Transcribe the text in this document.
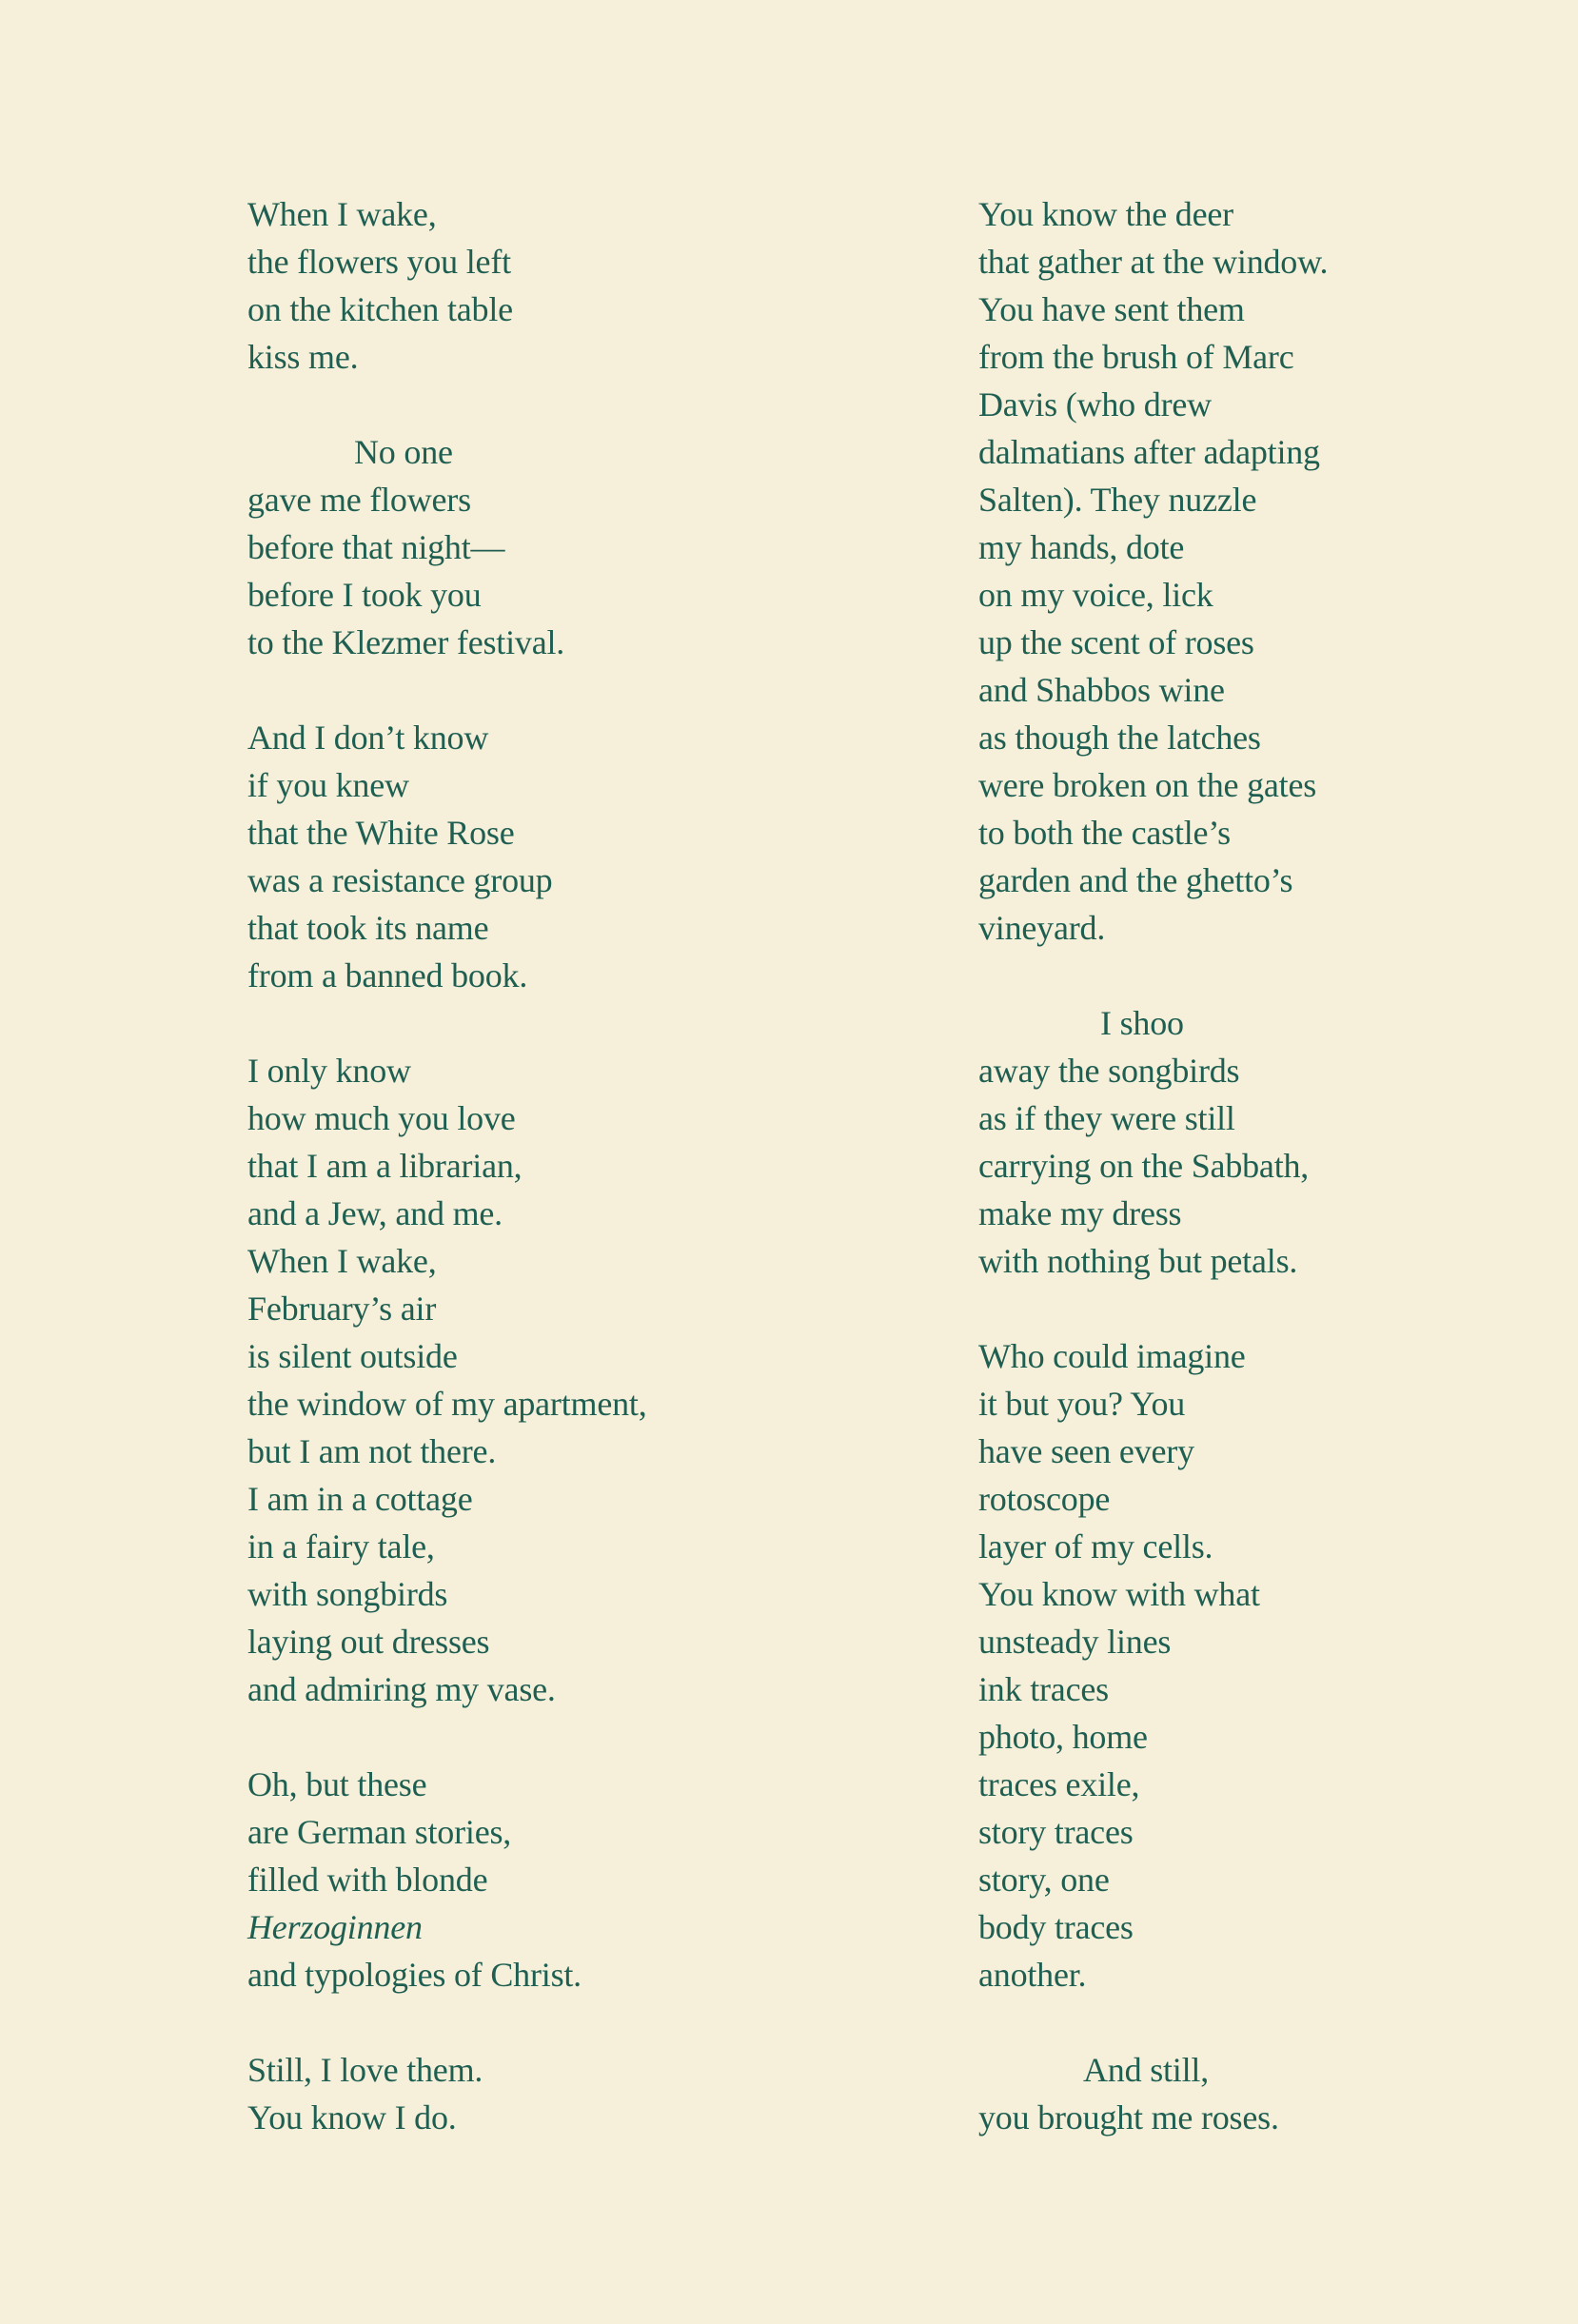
When I wake,
the flowers you left
on the kitchen table
kiss me.
No one
gave me flowers
before that night—
before I took you
to the Klezmer festival.
And I don’t know
if you knew
that the White Rose
was a resistance group
that took its name
from a banned book.
I only know
how much you love
that I am a librarian,
and a Jew, and me.
When I wake,
February’s air
is silent outside
the window of my apartment,
but I am not there.
I am in a cottage
in a fairy tale,
with songbirds
laying out dresses
and admiring my vase.
Oh, but these
are German stories,
filled with blonde
Herzoginnen
and typologies of Christ.
Still, I love them.
You know I do.
You know the deer
that gather at the window.
You have sent them
from the brush of Marc
Davis (who drew
dalmatians after adapting
Salten). They nuzzle
my hands, dote
on my voice, lick
up the scent of roses
and Shabbos wine
as though the latches
were broken on the gates
to both the castle’s
garden and the ghetto’s
vineyard.
I shoo
away the songbirds
as if they were still
carrying on the Sabbath,
make my dress
with nothing but petals.
Who could imagine
it but you? You
have seen every
rotoscope
layer of my cells.
You know with what
unsteady lines
ink traces
photo, home
traces exile,
story traces
story, one
body traces
another.
And still,
you brought me roses.
